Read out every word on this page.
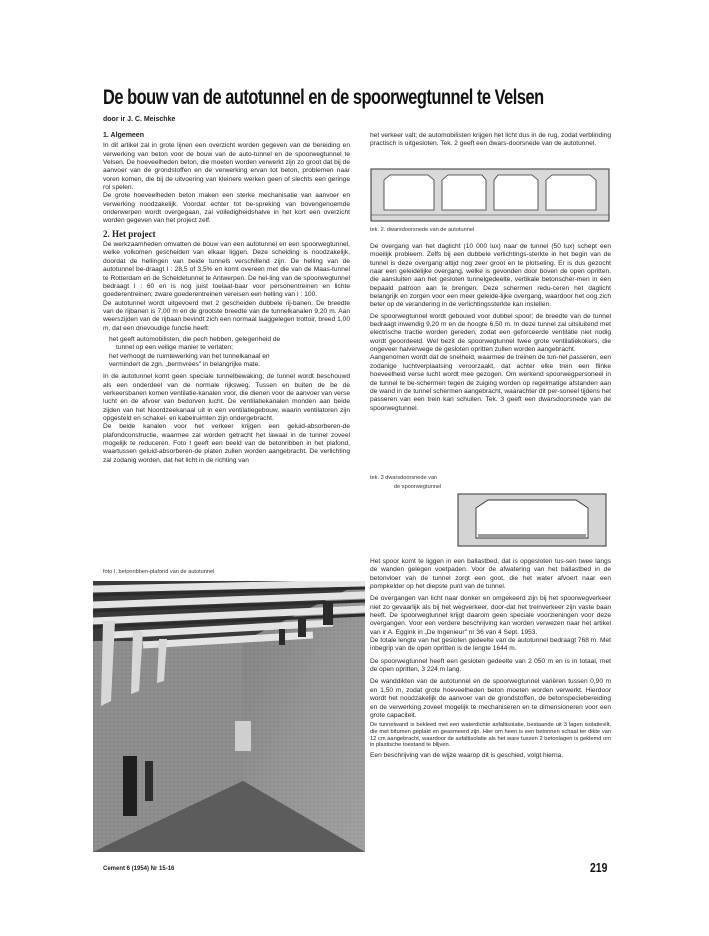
De bouw van de autotunnel en de spoorwegtunnel te Velsen
door ir J. C. Meischke
1. Algemeen

In dit artikel zal in grote lijnen een overzicht worden gegeven van de bereiding en verwerking van beton voor de bouw van de auto-tunnel en de spoorwegtunnel te Velsen. De hoeveelheden beton, die moeten worden verwerkt zijn zo groot dat bij de aanvoer van de grondstoffen en de verwerking ervan tot beton, problemen naar voren komen, die bij de uitvoering van kleinere werken geen of slechts een geringe rol spelen.

De grote hoeveelheden beton maken een sterke mechanisatie van aanvoer en verwerking noodzakelijk. Voordat echter tot be-spreking van bovengenoemde onderwerpen wordt overgegaan, zal volledigheidshalve in het kort een overzicht worden gegeven van het project zelf.

2. Het project

De werkzaamheden omvatten de bouw van een autotunnel en een spoorwegtunnel, welke volkomen gescheiden van elkaar liggen. Deze scheiding is noodzakelijk, doordat de hellingen van beide tunnels verschillend zijn. De helling van de autotunnel be-draagt I : 28,5 of 3,5% en komt overeen met die van de Maas-tunnel te Rotterdam en de Scheldetunnel te Antwerpen. De hel-ling van de spoorwegtunnel bedraagt I : 60 en is nog juist toelaat-baar voor personentreinen en lichte goederentreinen; zware goederentreinen vereisen een helling van I : 100.

De autotunnel wordt uitgevoerd met 2 gescheiden dubbele rij-banen. De breedte van de rijbanen is 7,00 m en de grootste breedte van de tunnelkanalen 9,20 m. Aan weerszijden van de rijbaan bevindt zich een normaal laaggelegen trottoir, breed 1,00 m, dat een drievoudige functie heeft:

het geeft automobilisten, die pech hebben, gelegenheid de
tunnel op een veilige manier te verlaten;
het verhoogt de ruimtewerking van het tunnelkanaal en
vermindert de zgn. „bermvrees" in belangrijke mate.

In de autotunnel komt geen speciale tunnelbewaking; de tunnel wordt beschouwd als een onderdeel van de normale rijksweg. Tussen en buiten de be de verkeersbanen komen ventilatie-kanalen voor, die dienen voor de aanvoer van verse lucht en de afvoer van bedorven lucht. De ventilatiekanalen monden aan beide zijden van het Noordzeekanaal uit in een ventilatiegebouw, waarin ventilatoren zijn opgesteld en schakel- en kabelruimten zijn ondergebracht.

De beide kanalen voor het verkeer krijgen een geluid-absorberen-de plafondconstructie, waarmee zal worden getracht het lawaai in de tunnel zoveel mogelijk te reduceren. Foto I geeft een beeld van de betonribben in het plafond, waartussen geluid-absorberen-de platen zullen worden aangebracht. De verlichting zal zodanig worden, dat het licht in de richting van

foto I. betonribben-plafond van de autotunnel

het verkeer valt; de automobilisten krijgen het licht dus in de rug, zodat verblinding practisch is uitgesloten. Tek. 2 geeft een dwars-doorsnede van de autotunnel.

tek. 2. dwarsdoorsnede van de autotunnel

De overgang van het daglicht (10 000 lux) naar de tunnel (50 lux) schept een moeilijk probleem. Zelfs bij een dubbele verlichtings-sterkte in het begin van de tunnel is deze overgang altijd nog zeer groot en te plotseling. Er is dus gezocht naar een geleidelijke overgang, welke is gevonden door boven de open opritten, die aansluiten aan het gesloten tunnelgedeelte, vertikale betonscher-men in een bepaald patroon aan te brengen. Deze schermen redu-ceren het daglicht belangrijk en zorgen voor een meer geleide-lijke overgang, waardoor het oog zich beter op de verandering in de verlichtingssterkte kan instellen.

De spoorwegtunnel wordt gebouwd voor dubbel spoor; de breedte van de tunnel bedraagt inwendig 9,20 m en de hoogte 6,50 m. In deze tunnel zal uitsluitend met electrische tractie worden gereden, zodat een geforceerde ventilatie niet nodig wordt geoordeeld. Wel bezit de spoorwegtunnel twee grote ventilatiekokers, die ongeveer halverwege de gesloten opritten zullen worden aangebracht.

Aangenomen wordt dat de snelheid, waarmee de treinen de tun-nel passeren, een zodanige luchtverplaatsing veroorzaakt, dat achter elke trein een flinke hoeveelheid verse lucht wordt mee gezogen. Om werkend spoorwegpersoneel in de tunnel te be-schermen tegen de zuiging worden op regelmatige afstanden aan de wand in de tunnel schermen aangebracht, waarachter dit per-soneel tijdens het passeren van een trein kan schuilen. Tek. 3 geeft een dwarsdoorsnede van de spoorwegtunnel.

tek. 3 dwarsdoorsnede van
de spoorwegtunnel

Het spoor komt te liggen in een ballastbed, dat is opgesloten tus-sen twee langs de wanden gelegen voetpaden. Voor de afwatering van het ballastbed in de betonvloer van de tunnel zorgt een goot, die het water afvoert naar een pompkelder op het diepste punt van de tunnel.

De overgangen van licht naar donker en omgekeerd zijn bij het spoorwegverkeer niet zo gevaarlijk als bij het wegverkeer, door-dat het treinverkeer zijn vaste baan heeft. De spoorwegtunnel krijgt daarom geen speciale voorzieningen voor deze overgangen. Voor een verdere beschrijving kan worden verwezen naar het artikel van ir A. Eggink in „De Ingenieur" nr 36 van 4 Sept. 1953.

De totale lengte van het gesloten gedeelte van de autotunnel bedraagt 768 m. Met inbegrip van de open opritten is de lengte 1644 m.

De spoorwegtunnel heeft een gesloten gedeelte van 2 050 m en is in totaal, met de open opritten, 3 224 m lang.

De wanddikten van de autotunnel en de spoorwegtunnel variëren tussen 0,90 m en 1,50 m, zodat grote hoeveelheden beton moeten worden verwerkt. Hierdoor wordt het noodzakelijk de aanvoer van de grondstoffen, de betonspeciebereiding en de verwerking zoveel mogelijk te mechaniseren en te dimensioneren voor een grote capaciteit.

De tunnelwand is bekleed met een waterdichte asfaltisolatie, bestaande uit 3 lagen isolatievilt, die met bitumen geplakt en geasmeerd zijn. Hier om heen is een betonnen schaal ter dikte van 12 cm aangebracht, waardoor de asfaltisolatie als het ware tussen 2 betonlagen is geklemd om in plastische toestand te blijven.

Een beschrijving van de wijze waarop dit is geschied, volgt hierna.

Cement 6 (1954) Nr 15-16	219
